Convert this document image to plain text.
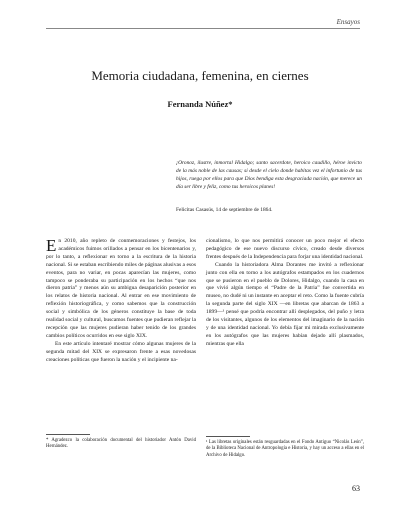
Ensayos
Memoria ciudadana, femenina, en ciernes
Fernanda Núñez*
¡Oronoz, ilustre, inmortal Hidalgo; santo sacerdote, heroico caudillo, héroe invicto de la más noble de las causas; si desde el cielo donde habitas vez el infortunio de tus hijos, ruega por ellos para que Dios bendiga esta desgraciada nación, que merece un día ser libre y feliz, como tus heroicos planes!
Felicitas Casasús, 14 de septiembre de 1864.

En 2010, año repleto de conmemoraciones y festejos, los académicos fuimos orillados a pensar en los bicentenarios y, por lo tanto, a reflexionar en torno a la escritura de la historia nacional. Si se estaban escribiendo miles de páginas alusivas a esos eventos, para no variar, en pocas aparecían las mujeres, como tampoco se ponderaba su participación en los hechos “que nos dieron patria” y menos aún su ambigua desaparición posterior en los relatos de historia nacional. Al entrar en ese movimiento de reflexión historiográfica, y como sabemos que la construcción social y simbólica de los géneros constituye la base de toda realidad social y cultural, buscamos fuentes que pudieran reflejar la recepción que las mujeres pudieran haber tenido de los grandes cambios políticos ocurridos en ese siglo XIX.

En este artículo intentaré mostrar cómo algunas mujeres de la segunda mitad del XIX se expresaron frente a esas novedosas creaciones políticas que fueron la nación y el incipiente na-

cionalismo, lo que nos permitirá conocer un poco mejor el efecto pedagógico de ese nuevo discurso cívico, creado desde diversos frentes después de la Independencia para forjar una identidad nacional.

Cuando la historiadora Alma Dorantes me invitó a reflexionar junto con ella en torno a los autógrafos estampados en los cuadernos que se pusieron en el pueblo de Dolores, Hidalgo, cuando la casa en que vivió algún tiempo el “Padre de la Patria” fue convertida en museo, no dudé ni un instante en aceptar el reto. Como la fuente cubría la segunda parte del siglo XIX —en libretas que abarcan de 1863 a 1899—¹ pensé que podría encontrar allí desplegados, del puño y letra de los visitantes, algunos de los elementos del imaginario de la nación y de una identidad nacional. Yo debía fijar mi mirada exclusivamente en los autógrafos que las mujeres habían dejado allí plasmados, mientras que ella

* Agradezco la colaboración documental del historiador Antón David Hernández.
¹ Las libretas originales están resguardadas en el Fondo Antiguo “Nicolás León”, de la Biblioteca Nacional de Antropología e Historia, y hay un acceso a ellas en el Archivo de Hidalgo.
63
